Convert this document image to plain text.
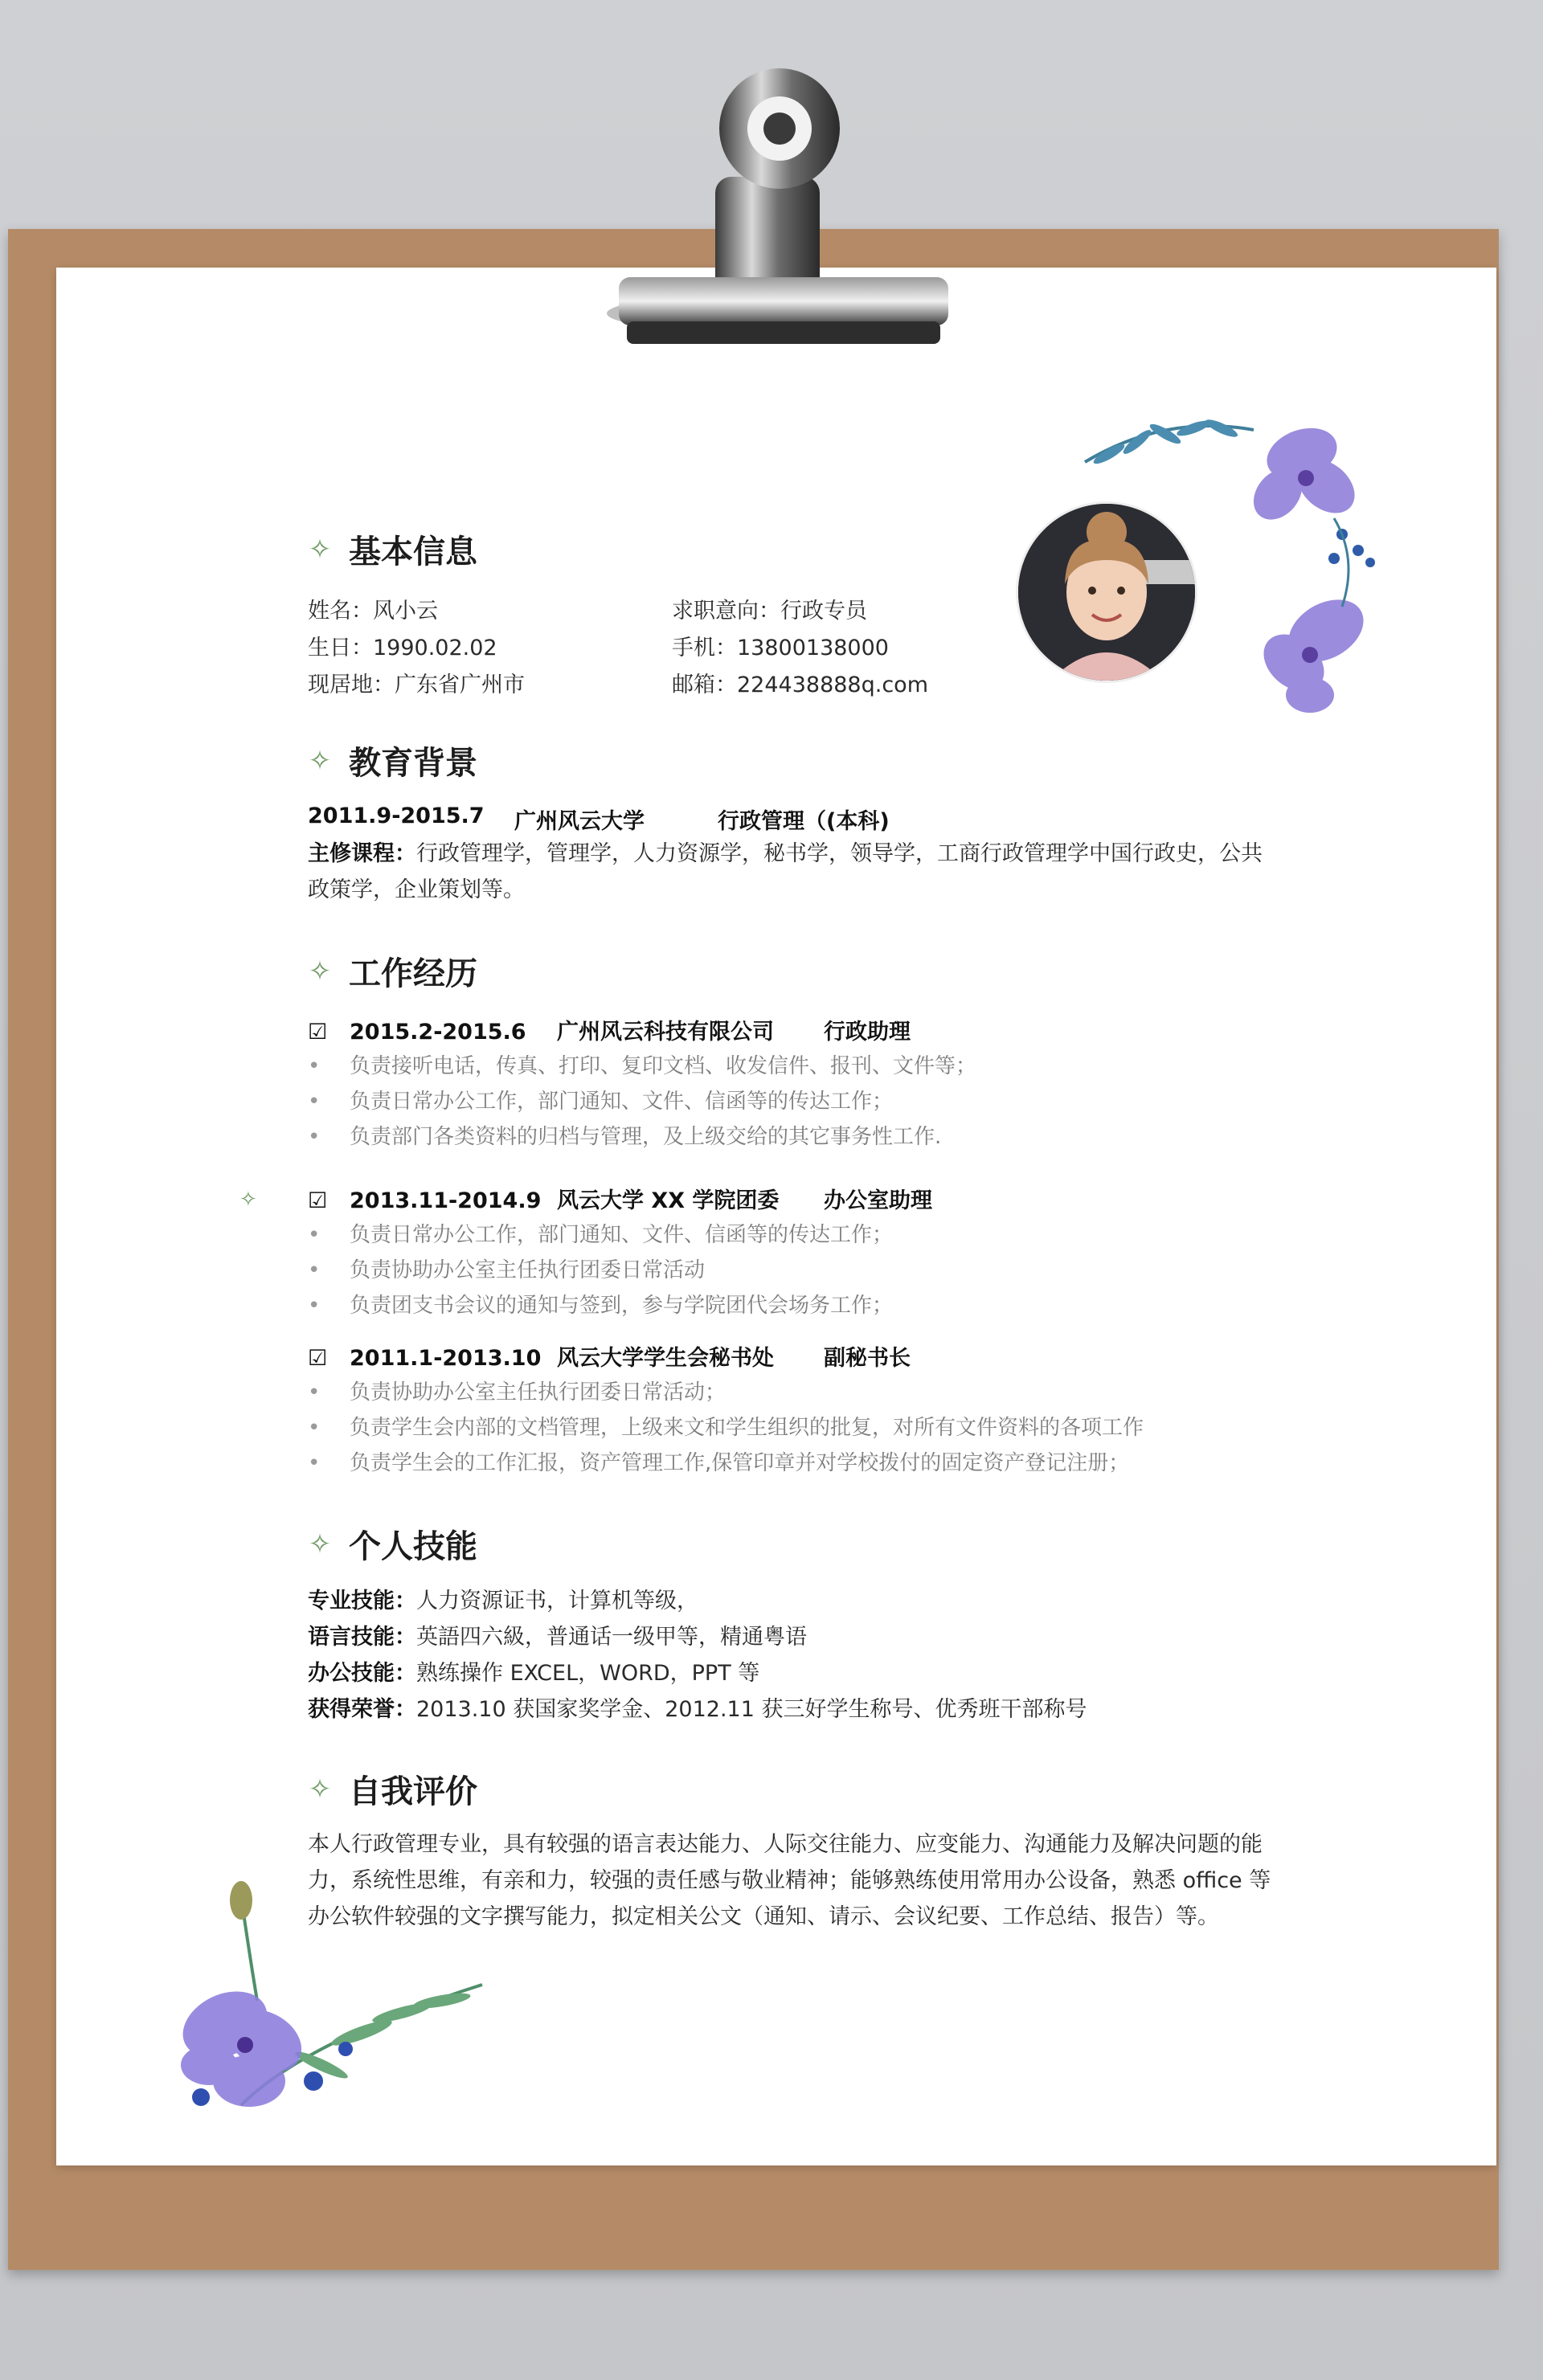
✧ 基本信息
姓名：风小云
生日：1990.02.02
现居地：广东省广州市
求职意向：行政专员
手机：13800138000
邮箱：224438888q.com
✧ 教育背景
2011.9-2015.7 广州风云大学	行政管理（(本科)
主修课程：行政管理学，管理学，人力资源学，秘书学，领导学，工商行政管理学中国行政史，公共政策学，企业策划等。
✧ 工作经历
☑ 2015.2-2015.6 广州风云科技有限公司 行政助理
• 负责接听电话，传真、打印、复印文档、收发信件、报刊、文件等；
• 负责日常办公工作，部门通知、文件、信函等的传达工作；
• 负责部门各类资料的归档与管理，及上级交给的其它事务性工作.
✧ ☑ 2013.11-2014.9 风云大学 XX 学院团委 办公室助理
• 负责日常办公工作，部门通知、文件、信函等的传达工作；
• 负责协助办公室主任执行团委日常活动
• 负责团支书会议的通知与签到，参与学院团代会场务工作；
☑ 2011.1-2013.10 风云大学学生会秘书处 副秘书长
• 负责协助办公室主任执行团委日常活动；
• 负责学生会内部的文档管理，上级来文和学生组织的批复，对所有文件资料的各项工作
• 负责学生会的工作汇报，资产管理工作,保管印章并对学校拨付的固定资产登记注册；
✧ 个人技能
专业技能：人力资源证书，计算机等级，
语言技能：英語四六級，普通话一级甲等，精通粤语
办公技能：熟练操作 EXCEL，WORD，PPT 等
获得荣誉：2013.10 获国家奖学金、2012.11 获三好学生称号、优秀班干部称号
✧ 自我评价
本人行政管理专业，具有较强的语言表达能力、人际交往能力、应变能力、沟通能力及解决问题的能力，系统性思维，有亲和力，较强的责任感与敬业精神；能够熟练使用常用办公设备，熟悉 office 等办公软件较强的文字撰写能力，拟定相关公文（通知、请示、会议纪要、工作总结、报告）等。
